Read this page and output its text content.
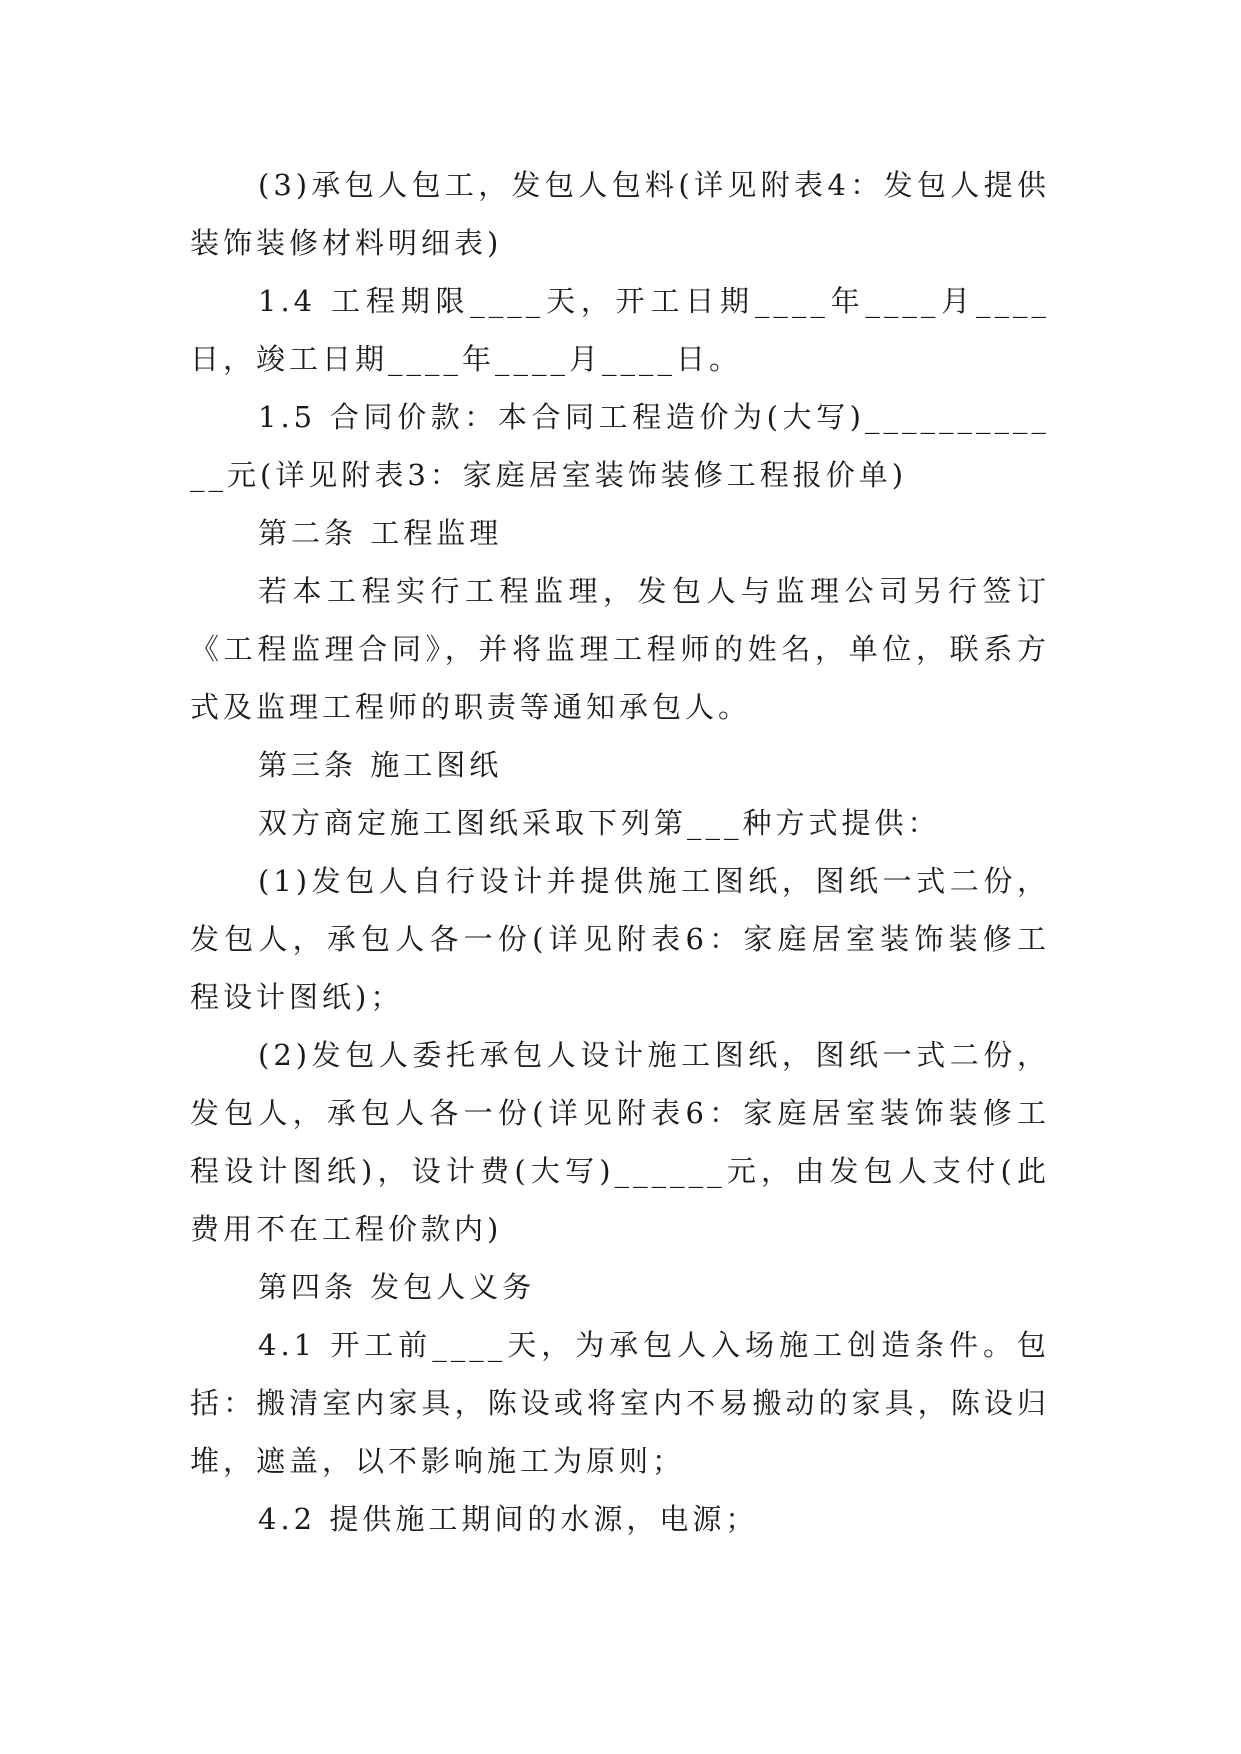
(3)承包人包工，发包人包料(详见附表4：发包人提供装饰装修材料明细表)

1.4 工程期限____天，开工日期____年____月____日，竣工日期____年____月____日。

1.5 合同价款：本合同工程造价为(大写)____________元(详见附表3：家庭居室装饰装修工程报价单)

第二条 工程监理

若本工程实行工程监理，发包人与监理公司另行签订《工程监理合同》，并将监理工程师的姓名，单位，联系方式及监理工程师的职责等通知承包人。

第三条 施工图纸

双方商定施工图纸采取下列第___种方式提供：

(1)发包人自行设计并提供施工图纸，图纸一式二份，发包人，承包人各一份(详见附表6：家庭居室装饰装修工程设计图纸)；

(2)发包人委托承包人设计施工图纸，图纸一式二份，发包人，承包人各一份(详见附表6：家庭居室装饰装修工程设计图纸)，设计费(大写)______元，由发包人支付(此费用不在工程价款内)

第四条 发包人义务

4.1 开工前____天，为承包人入场施工创造条件。包括：搬清室内家具，陈设或将室内不易搬动的家具，陈设归堆，遮盖，以不影响施工为原则；

4.2 提供施工期间的水源，电源；
